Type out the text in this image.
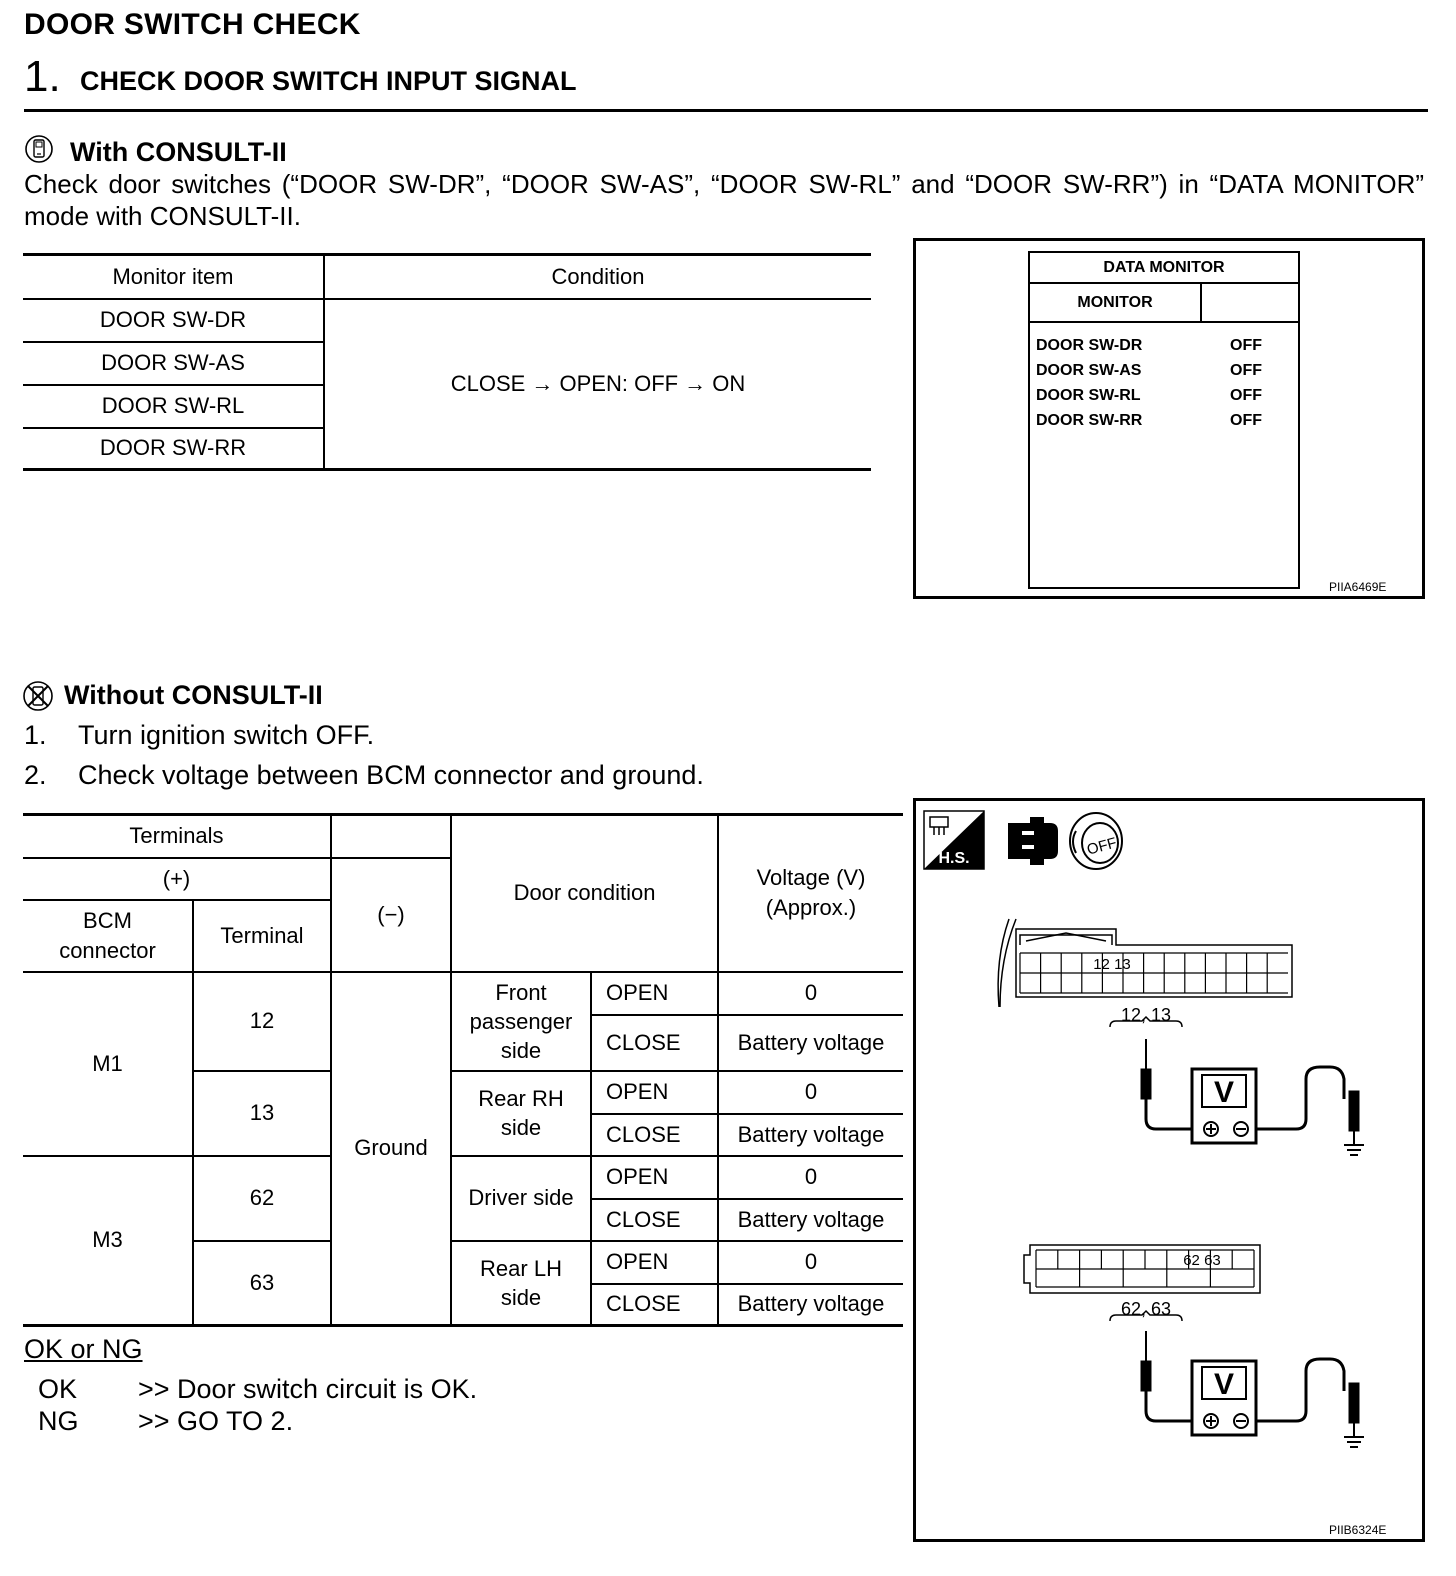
DOOR SWITCH CHECK
1. CHECK DOOR SWITCH INPUT SIGNAL
With CONSULT-II
Check door switches (“DOOR SW-DR”, “DOOR SW-AS”, “DOOR SW-RL” and “DOOR SW-RR”) in “DATA MONITOR” mode with CONSULT-II.
Monitor item	Condition
DOOR SW-DR	CLOSE → OPEN: OFF → ON
DOOR SW-AS	
DOOR SW-RL	
DOOR SW-RR	
DATA MONITOR
MONITOR
DOOR SW-DR	OFF
DOOR SW-AS	OFF
DOOR SW-RL	OFF
DOOR SW-RR	OFF
PIIA6469E
Without CONSULT-II
1. Turn ignition switch OFF.
2. Check voltage between BCM connector and ground.
Terminals			Door condition		Voltage (V)
(Approx.)

(+)		(−)			

BCM connector	Terminal				
M1	12	Ground	Front passenger side	OPEN	0
				CLOSE	Battery voltage
	13		Rear RH side	OPEN	0
				CLOSE	Battery voltage
M3	62		Driver side	OPEN	0
				CLOSE	Battery voltage
	63		Rear LH side	OPEN	0
				CLOSE	Battery voltage
OK or NG
OK >> Door switch circuit is OK.
NG >> GO TO 2.
H.S.	OFF
12 13
12, 13
V
62 63
62, 63
V
PIIB6324E
